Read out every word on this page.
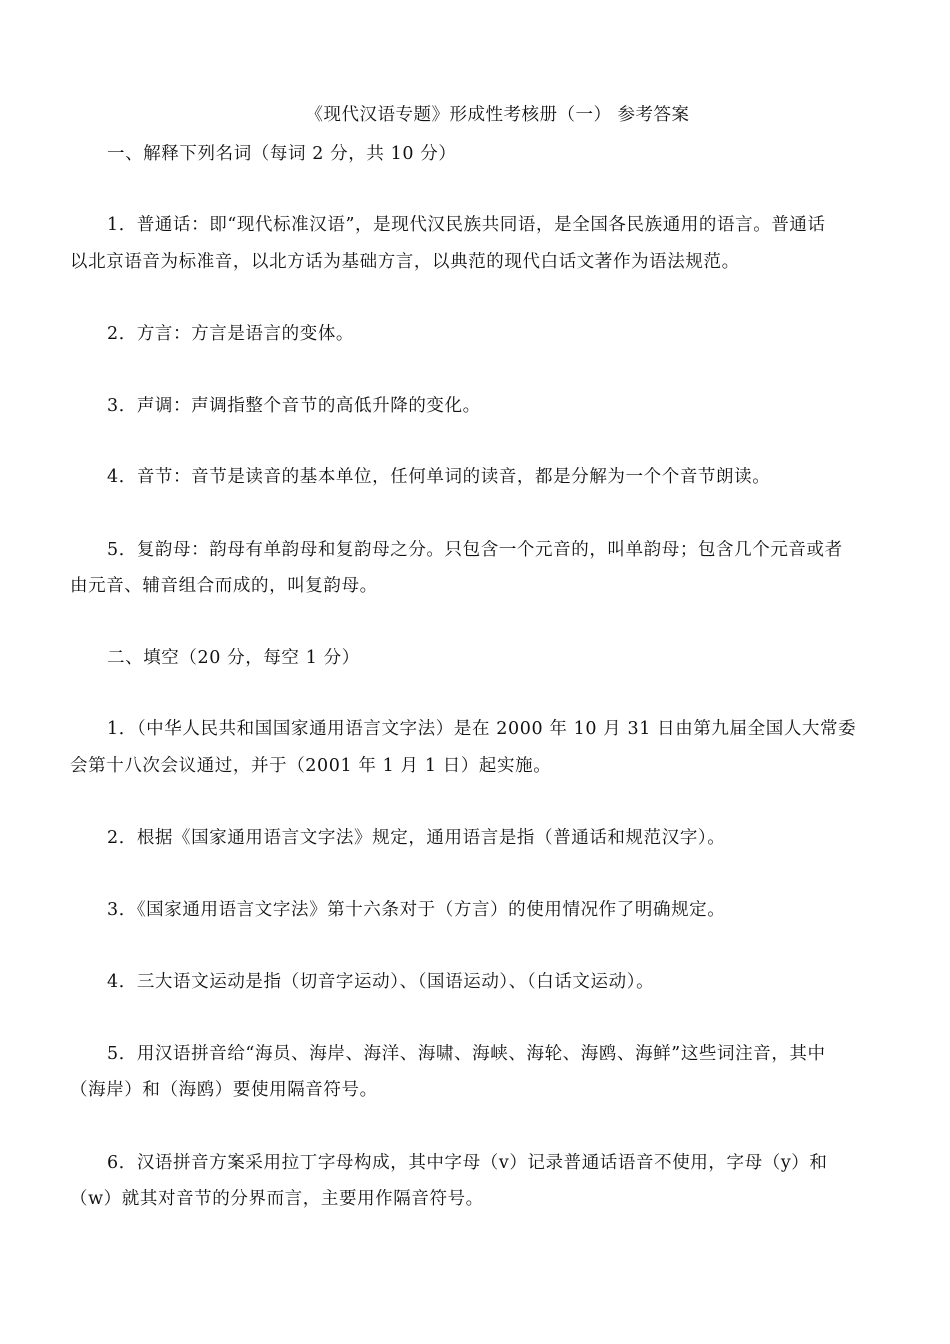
《现代汉语专题》形成性考核册（一） 参考答案
一、解释下列名词（每词 2 分，共 10 分）
1．普通话：即“现代标准汉语”，是现代汉民族共同语，是全国各民族通用的语言。普通话
以北京语音为标准音，以北方话为基础方言，以典范的现代白话文著作为语法规范。
2．方言：方言是语言的变体。
3．声调：声调指整个音节的高低升降的变化。
4．音节：音节是读音的基本单位，任何单词的读音，都是分解为一个个音节朗读。
5．复韵母：韵母有单韵母和复韵母之分。只包含一个元音的，叫单韵母；包含几个元音或者
由元音、辅音组合而成的，叫复韵母。
二、填空（20 分，每空 1 分）
1．（中华人民共和国国家通用语言文字法）是在 2000 年 10 月 31 日由第九届全国人大常委
会第十八次会议通过，并于（2001 年 1 月 1 日）起实施。
2．根据《国家通用语言文字法》规定，通用语言是指（普通话和规范汉字）。
3．《国家通用语言文字法》第十六条对于（方言）的使用情况作了明确规定。
4．三大语文运动是指（切音字运动）、（国语运动）、（白话文运动）。
5．用汉语拼音给“海员、海岸、海洋、海啸、海峡、海轮、海鸥、海鲜”这些词注音，其中
（海岸）和（海鸥）要使用隔音符号。
6．汉语拼音方案采用拉丁字母构成，其中字母（v）记录普通话语音不使用，字母（y）和
（w）就其对音节的分界而言，主要用作隔音符号。
